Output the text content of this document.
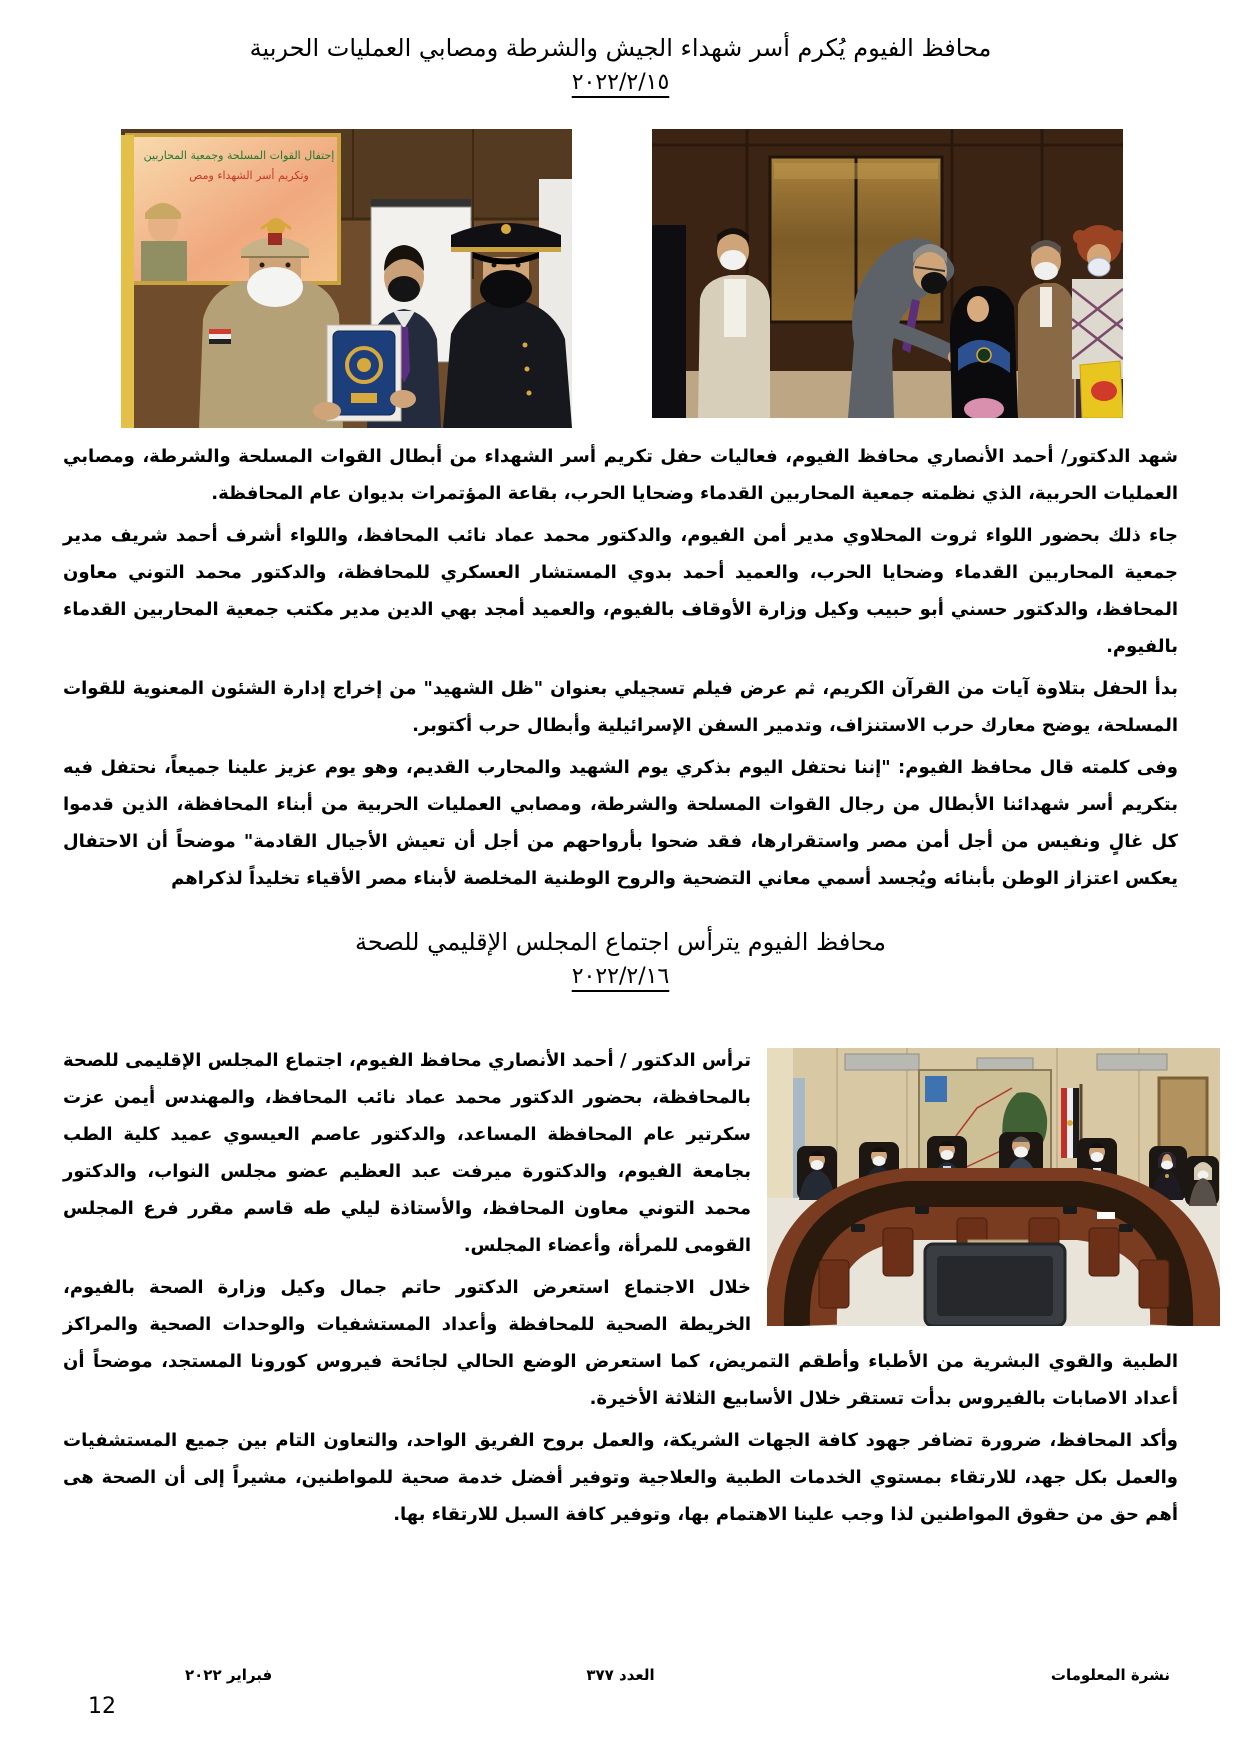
محافظ الفيوم يُكرم أسر شهداء الجيش والشرطة ومصابي العمليات الحربية
٢٠٢٢/٢/١٥
إحتفال القوات المسلحة وجمعية المحاربين
وتكريم أسر الشهداء ومص

شهد الدكتور/ أحمد الأنصاري محافظ الفيوم، فعاليات حفل تكريم أسر الشهداء من أبطال القوات المسلحة والشرطة، ومصابي العمليات الحربية، الذي نظمته جمعية المحاربين القدماء وضحايا الحرب، بقاعة المؤتمرات بديوان عام المحافظة.

جاء ذلك بحضور اللواء ثروت المحلاوي مدير أمن الفيوم، والدكتور محمد عماد نائب المحافظ، واللواء أشرف أحمد شريف مدير جمعية المحاربين القدماء وضحايا الحرب، والعميد أحمد بدوي المستشار العسكري للمحافظة، والدكتور محمد التوني معاون المحافظ، والدكتور حسني أبو حبيب وكيل وزارة الأوقاف بالفيوم، والعميد أمجد بهي الدين مدير مكتب جمعية المحاربين القدماء بالفيوم.

بدأ الحفل بتلاوة آيات من القرآن الكريم، ثم عرض فيلم تسجيلي بعنوان "ظل الشهيد" من إخراج إدارة الشئون المعنوية للقوات المسلحة، يوضح معارك حرب الاستنزاف، وتدمير السفن الإسرائيلية وأبطال حرب أكتوبر.

وفى كلمته قال محافظ الفيوم: "إننا نحتفل اليوم بذكري يوم الشهيد والمحارب القديم، وهو يوم عزيز علينا جميعاً، نحتفل فيه بتكريم أسر شهدائنا الأبطال من رجال القوات المسلحة والشرطة، ومصابي العمليات الحربية من أبناء المحافظة، الذين قدموا كل غالٍ ونفيس من أجل أمن مصر واستقرارها، فقد ضحوا بأرواحهم من أجل أن تعيش الأجيال القادمة" موضحاً أن الاحتفال يعكس اعتزاز الوطن بأبنائه ويُجسد أسمي معاني التضحية والروح الوطنية المخلصة لأبناء مصر الأقياء تخليداً لذكراهم

محافظ الفيوم يترأس اجتماع المجلس الإقليمي للصحة
٢٠٢٢/٢/١٦

ترأس الدكتور / أحمد الأنصاري محافظ الفيوم، اجتماع المجلس الإقليمى للصحة بالمحافظة، بحضور الدكتور محمد عماد نائب المحافظ، والمهندس أيمن عزت سكرتير عام المحافظة المساعد، والدكتور عاصم العيسوي عميد كلية الطب بجامعة الفيوم، والدكتورة ميرفت عبد العظيم عضو مجلس النواب، والدكتور محمد التوني معاون المحافظ، والأستاذة ليلي طه قاسم مقرر فرع المجلس القومى للمرأة، وأعضاء المجلس.

خلال الاجتماع استعرض الدكتور حاتم جمال وكيل وزارة الصحة بالفيوم، الخريطة الصحية للمحافظة وأعداد المستشفيات والوحدات الصحية والمراكز الطبية والقوي البشرية من الأطباء وأطقم التمريض، كما استعرض الوضع الحالي لجائحة فيروس كورونا المستجد، موضحاً أن أعداد الاصابات بالفيروس بدأت تستقر خلال الأسابيع الثلاثة الأخيرة.

وأكد المحافظ، ضرورة تضافر جهود كافة الجهات الشريكة، والعمل بروح الفريق الواحد، والتعاون التام بين جميع المستشفيات والعمل بكل جهد، للارتقاء بمستوي الخدمات الطبية والعلاجية وتوفير أفضل خدمة صحية للمواطنين، مشيراً إلى أن الصحة هى أهم حق من حقوق المواطنين لذا وجب علينا الاهتمام بها، وتوفير كافة السبل للارتقاء بها.

نشرة المعلومات
العدد ٣٧٧
فبراير ٢٠٢٢
12
